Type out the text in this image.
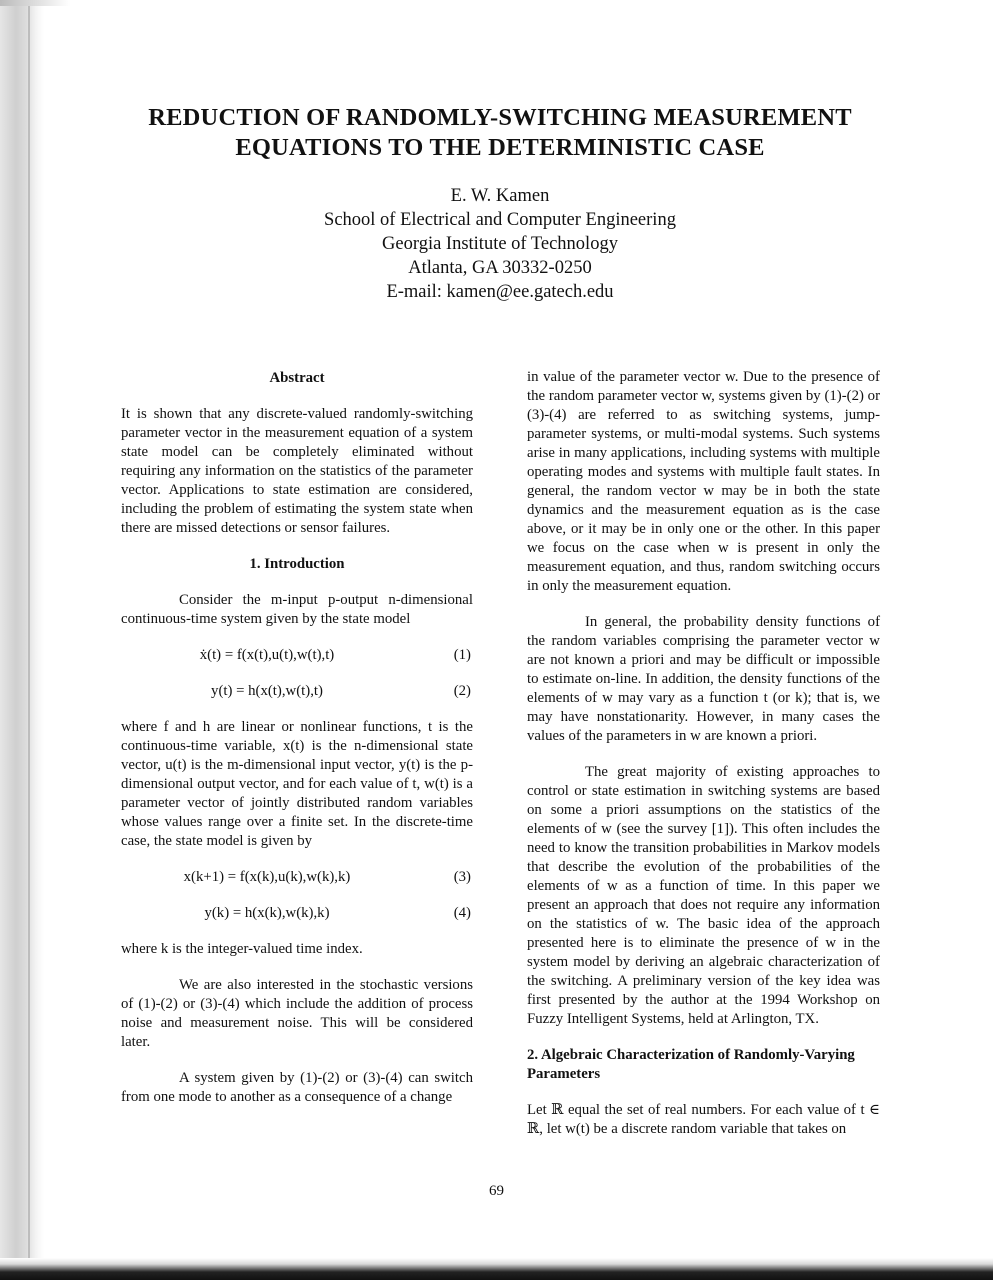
REDUCTION OF RANDOMLY-SWITCHING MEASUREMENT
EQUATIONS TO THE DETERMINISTIC CASE
E. W. Kamen
School of Electrical and Computer Engineering
Georgia Institute of Technology
Atlanta, GA 30332-0250
E-mail: kamen@ee.gatech.edu
Abstract

It is shown that any discrete-valued randomly-switching parameter vector in the measurement equation of a system state model can be completely eliminated without requiring any information on the statistics of the parameter vector. Applications to state estimation are considered, including the problem of estimating the system state when there are missed detections or sensor failures.

1. Introduction

Consider the m-input p-output n-dimensional continuous-time system given by the state model

ẋ(t) = f(x(t),u(t),w(t),t)	(1)
y(t) = h(x(t),w(t),t)	(2)

where f and h are linear or nonlinear functions, t is the continuous-time variable, x(t) is the n-dimensional state vector, u(t) is the m-dimensional input vector, y(t) is the p-dimensional output vector, and for each value of t, w(t) is a parameter vector of jointly distributed random variables whose values range over a finite set. In the discrete-time case, the state model is given by

x(k+1) = f(x(k),u(k),w(k),k)	(3)
y(k) = h(x(k),w(k),k)	(4)

where k is the integer-valued time index.

We are also interested in the stochastic versions of (1)-(2) or (3)-(4) which include the addition of process noise and measurement noise. This will be considered later.

A system given by (1)-(2) or (3)-(4) can switch from one mode to another as a consequence of a change

in value of the parameter vector w. Due to the presence of the random parameter vector w, systems given by (1)-(2) or (3)-(4) are referred to as switching systems, jump-parameter systems, or multi-modal systems. Such systems arise in many applications, including systems with multiple operating modes and systems with multiple fault states. In general, the random vector w may be in both the state dynamics and the measurement equation as is the case above, or it may be in only one or the other. In this paper we focus on the case when w is present in only the measurement equation, and thus, random switching occurs in only the measurement equation.

In general, the probability density functions of the random variables comprising the parameter vector w are not known a priori and may be difficult or impossible to estimate on-line. In addition, the density functions of the elements of w may vary as a function t (or k); that is, we may have nonstationarity. However, in many cases the values of the parameters in w are known a priori.

The great majority of existing approaches to control or state estimation in switching systems are based on some a priori assumptions on the statistics of the elements of w (see the survey [1]). This often includes the need to know the transition probabilities in Markov models that describe the evolution of the probabilities of the elements of w as a function of time. In this paper we present an approach that does not require any information on the statistics of w. The basic idea of the approach presented here is to eliminate the presence of w in the system model by deriving an algebraic characterization of the switching. A preliminary version of the key idea was first presented by the author at the 1994 Workshop on Fuzzy Intelligent Systems, held at Arlington, TX.

2. Algebraic Characterization of Randomly-Varying Parameters

Let ℝ equal the set of real numbers. For each value of t ∈ ℝ, let w(t) be a discrete random variable that takes on

69
